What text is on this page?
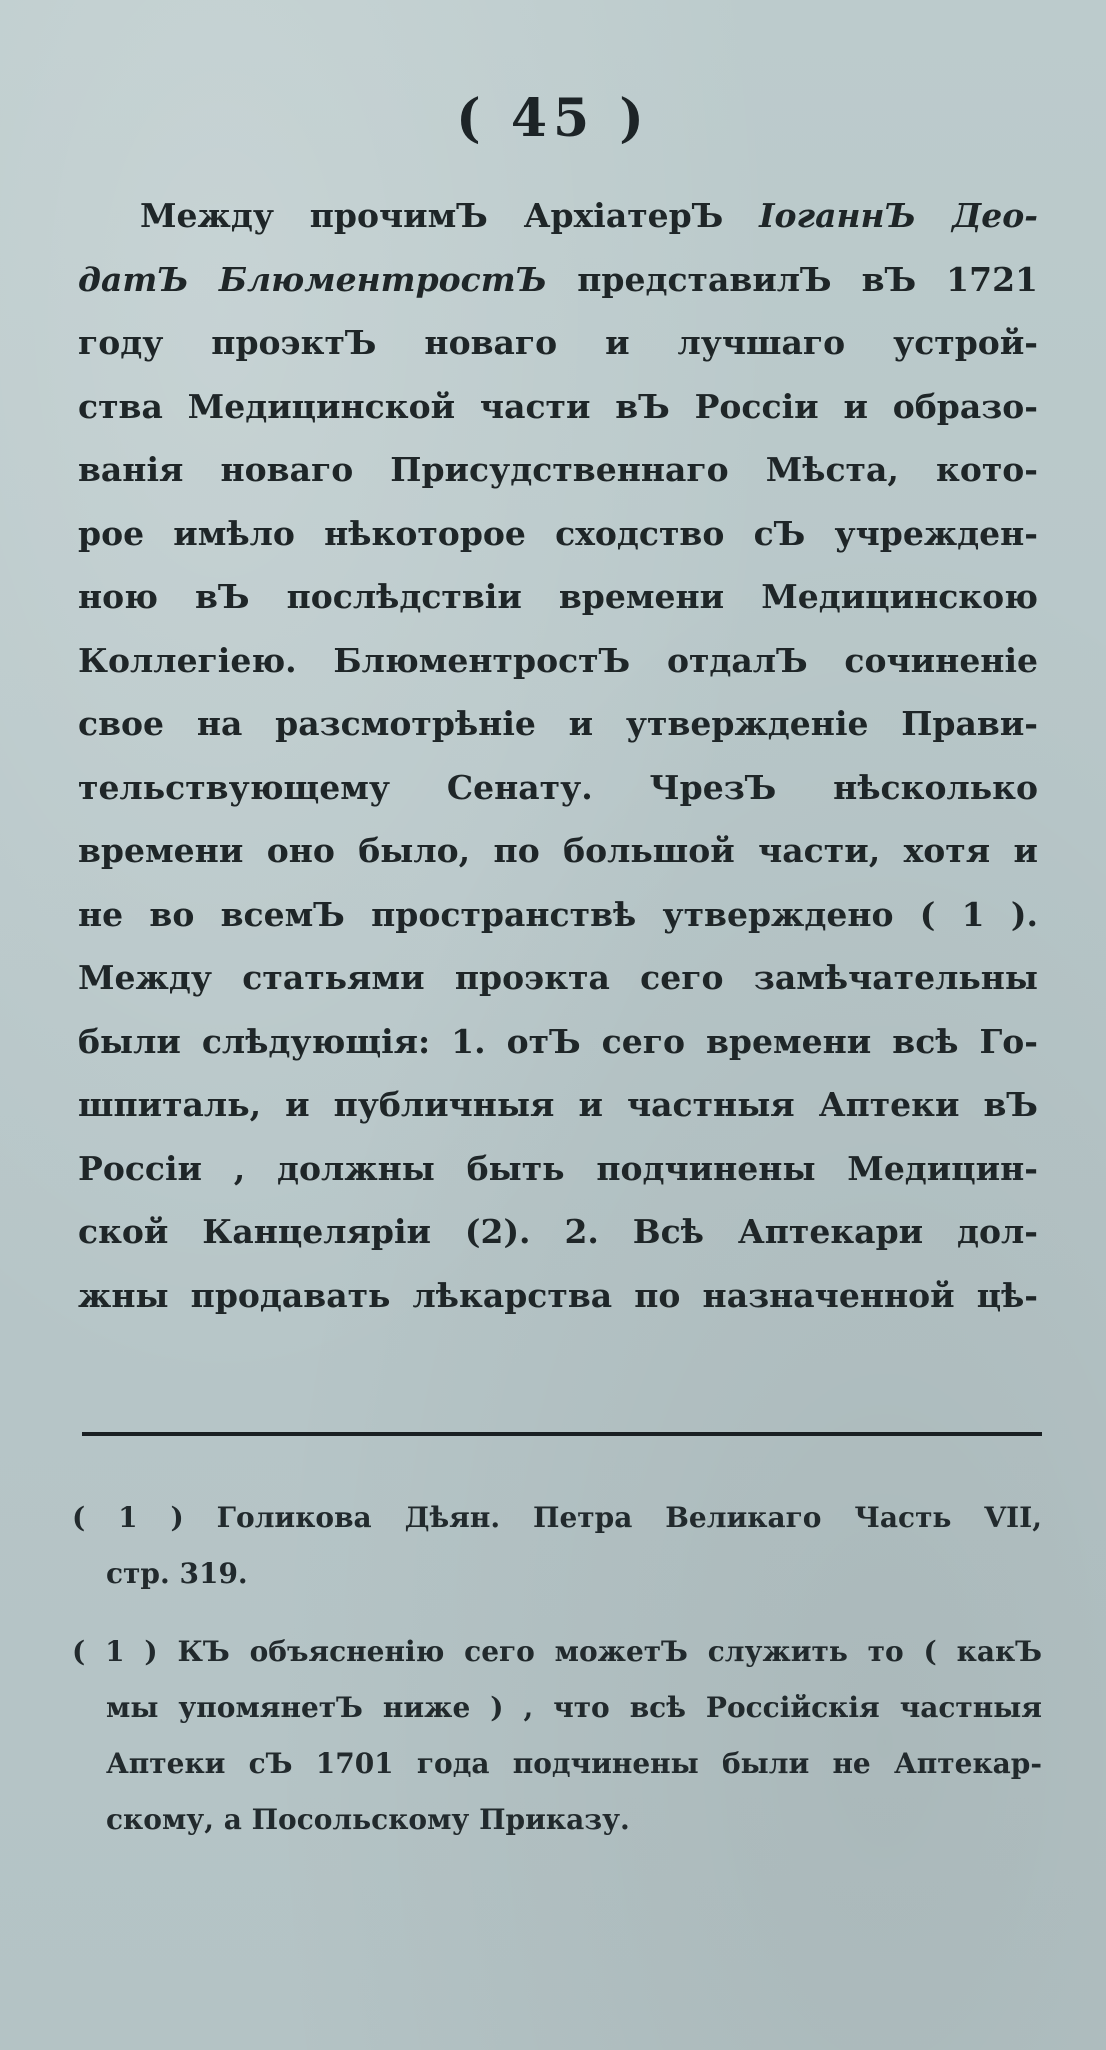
( 45 )
Между прочимЪ АрхіатерЪ ІоганнЪ Део-
датЪ БлюментростЪ представилЪ вЪ 1721
году проэктЪ новаго и лучшаго устрой-
ства Медицинской части вЪ Россіи и образо-
ванія новаго Присудственнаго Мѣста, кото-
рое имѣло нѣкоторое сходство сЪ учрежден-
ною вЪ послѣдствіи времени Медицинскою
Коллегіею. БлюментростЪ отдалЪ сочиненіе
свое на разсмотрѣніе и утвержденіе Прави-
тельствующему Сенату. ЧрезЪ нѣсколько
времени оно было, по большой части, хотя и
не во всемЪ пространствѣ утверждено ( 1 ).
Между статьями проэкта сего замѣчательны
были слѣдующія: 1. отЪ сего времени всѣ Го-
шпиталь, и публичныя и частныя Аптеки вЪ
Россіи , должны быть подчинены Медицин-
ской Канцеляріи (2). 2. Всѣ Аптекари дол-
жны продавать лѣкарства по назначенной цѣ-
( 1 ) Голикова Дѣян. Петра Великаго Часть VII,
стр. 319.
( 1 ) КЪ объясненію сего можетЪ служить то ( какЪ
мы упомянетЪ ниже ) , что всѣ Россійскія частныя
Аптеки сЪ 1701 года подчинены были не Аптекар-
скому, а Посольскому Приказу.
